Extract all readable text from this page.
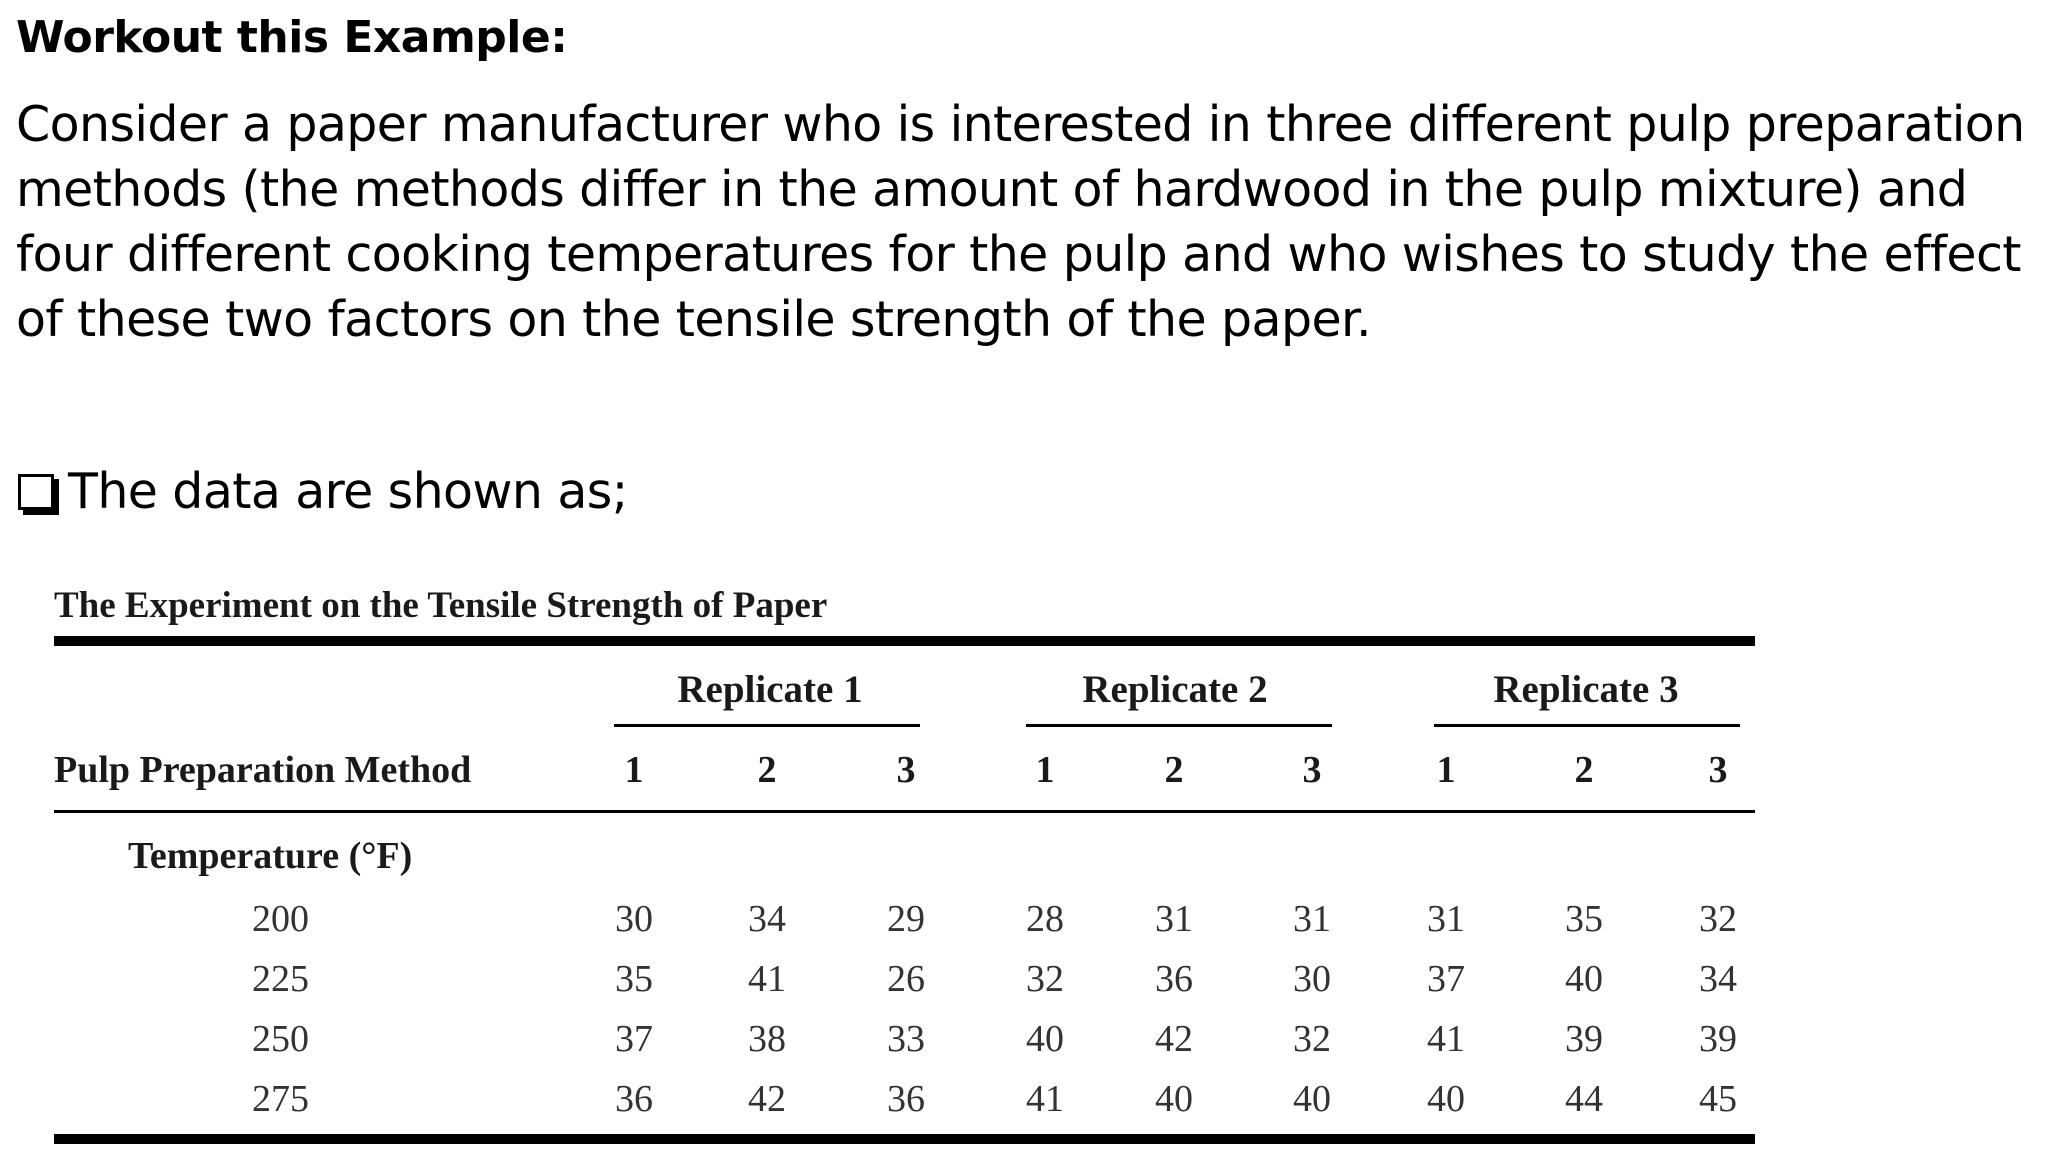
Workout this Example:

Consider a paper manufacturer who is interested in three different pulp preparation methods (the methods differ in the amount of hardwood in the pulp mixture) and four different cooking temperatures for the pulp and who wishes to study the effect of these two factors on the tensile strength of the paper.

The data are shown as;
The Experiment on the Tensile Strength of Paper
Replicate 1	Replicate 2	Replicate 3
Pulp Preparation Method	1	2	3	1	2	3	1	2	3
Temperature (°F)
200	30	34	29	28	31	31	31	35	32
225	35	41	26	32	36	30	37	40	34
250	37	38	33	40	42	32	41	39	39
275	36	42	36	41	40	40	40	44	45
